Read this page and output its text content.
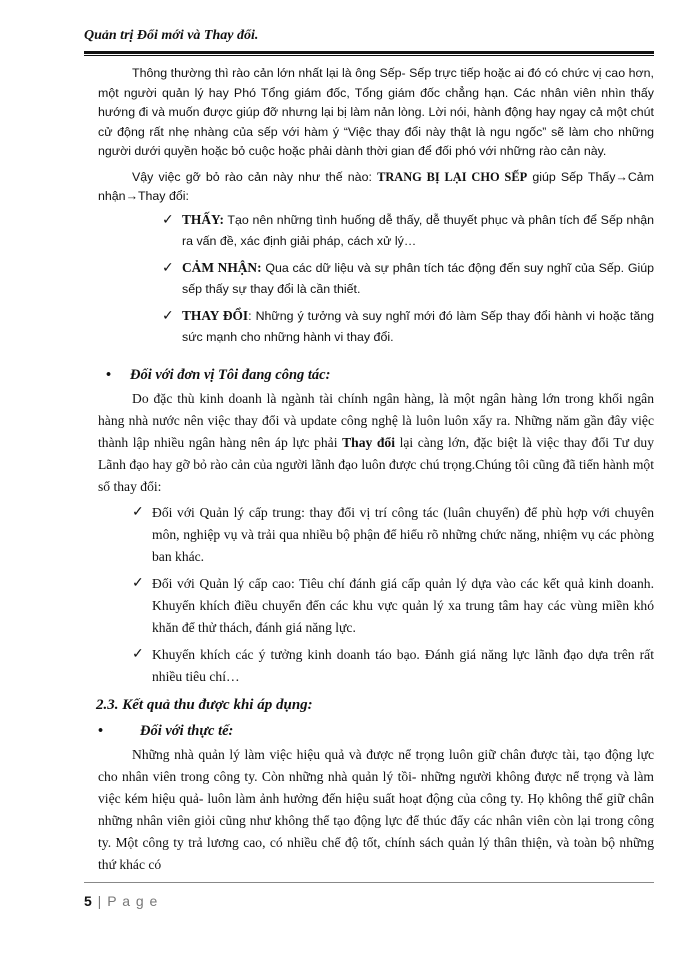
Quản trị Đổi mới và Thay đổi.

Thông thường thì rào cản lớn nhất lại là ông Sếp- Sếp trực tiếp hoặc ai đó có chức vị cao hơn, một người quản lý hay Phó Tổng giám đốc, Tổng giám đốc chẳng hạn. Các nhân viên nhìn thấy hướng đi và muốn được giúp đỡ nhưng lại bị làm nản lòng. Lời nói, hành động hay ngay cả một chút cử động rất nhẹ nhàng của sếp với hàm ý “Việc thay đổi này thật là ngu ngốc” sẽ làm cho những người dưới quyền hoặc bỏ cuộc hoặc phải dành thời gian để đối phó với những rào cản này.

Vậy việc gỡ bỏ rào cản này như thế nào: TRANG BỊ LẠI CHO SẾP giúp Sếp Thấy→Cảm nhận→Thay đổi:

✓ THẤY: Tạo nên những tình huống dễ thấy, dễ thuyết phục và phân tích để Sếp nhận ra vấn đề, xác định giải pháp, cách xử lý…
✓ CẢM NHẬN: Qua các dữ liệu và sự phân tích tác động đến suy nghĩ của Sếp. Giúp sếp thấy sự thay đổi là cần thiết.
✓ THAY ĐỔI: Những ý tưởng và suy nghĩ mới đó làm Sếp thay đổi hành vi hoặc tăng sức mạnh cho những hành vi thay đổi.
• Đối với đơn vị Tôi đang công tác:

Do đặc thù kinh doanh là ngành tài chính ngân hàng, là một ngân hàng lớn trong khối ngân hàng nhà nước nên việc thay đổi và update công nghệ là luôn luôn xẩy ra. Những năm gần đây việc thành lập nhiều ngân hàng nên áp lực phải Thay đổi lại càng lớn, đặc biệt là việc thay đổi Tư duy Lãnh đạo hay gỡ bỏ rào cản của người lãnh đạo luôn được chú trọng.Chúng tôi cũng đã tiến hành một số thay đổi:

✓ Đối với Quản lý cấp trung: thay đổi vị trí công tác (luân chuyển) để phù hợp với chuyên môn, nghiệp vụ và trải qua nhiều bộ phận để hiểu rõ những chức năng, nhiệm vụ các phòng ban khác.
✓ Đối với Quản lý cấp cao: Tiêu chí đánh giá cấp quản lý dựa vào các kết quả kinh doanh. Khuyến khích điều chuyển đến các khu vực quản lý xa trung tâm hay các vùng miền khó khăn để thử thách, đánh giá năng lực.
✓ Khuyến khích các ý tưởng kinh doanh táo bạo. Đánh giá năng lực lãnh đạo dựa trên rất nhiều tiêu chí…
2.3. Kết quả thu được khi áp dụng:
•	Đối với thực tế:

Những nhà quản lý làm việc hiệu quả và được nể trọng luôn giữ chân được tài, tạo động lực cho nhân viên trong công ty. Còn những nhà quản lý tồi- những người không được nể trọng và làm việc kém hiệu quả- luôn làm ảnh hưởng đến hiệu suất hoạt động của công ty. Họ không thể giữ chân những nhân viên giỏi cũng như không thể tạo động lực để thúc đẩy các nhân viên còn lại trong công ty. Một công ty trả lương cao, có nhiều chế độ tốt, chính sách quản lý thân thiện, và toàn bộ những thứ khác có

5 | P a g e
